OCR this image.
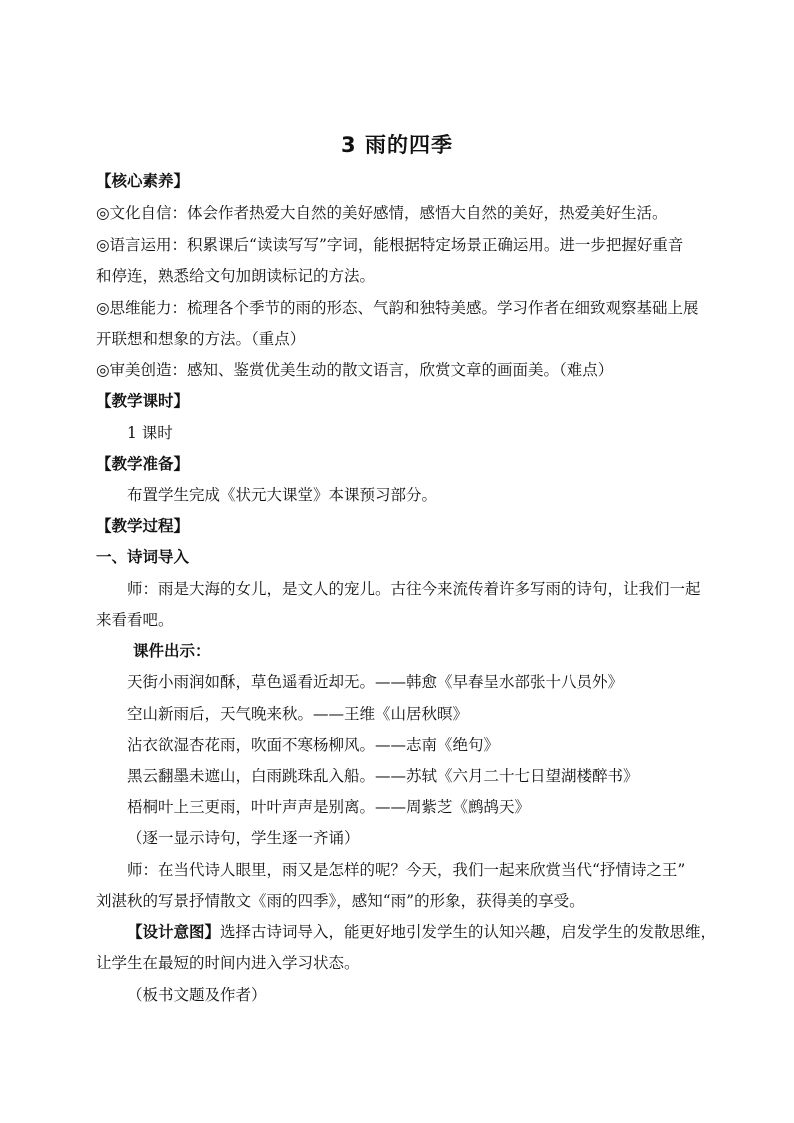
3 雨的四季
【核心素养】
◎文化自信：体会作者热爱大自然的美好感情，感悟大自然的美好，热爱美好生活。
◎语言运用：积累课后“读读写写”字词，能根据特定场景正确运用。进一步把握好重音
和停连，熟悉给文句加朗读标记的方法。
◎思维能力：梳理各个季节的雨的形态、气韵和独特美感。学习作者在细致观察基础上展
开联想和想象的方法。（重点）
◎审美创造：感知、鉴赏优美生动的散文语言，欣赏文章的画面美。（难点）
【教学课时】
1 课时
【教学准备】
布置学生完成《状元大课堂》本课预习部分。
【教学过程】
一、诗词导入
师：雨是大海的女儿，是文人的宠儿。古往今来流传着许多写雨的诗句，让我们一起
来看看吧。
课件出示：
天街小雨润如酥，草色遥看近却无。——韩愈《早春呈水部张十八员外》
空山新雨后，天气晚来秋。——王维《山居秋暝》
沾衣欲湿杏花雨，吹面不寒杨柳风。——志南《绝句》
黑云翻墨未遮山，白雨跳珠乱入船。——苏轼《六月二十七日望湖楼醉书》
梧桐叶上三更雨，叶叶声声是别离。——周紫芝《鹧鸪天》
（逐一显示诗句，学生逐一齐诵）
师：在当代诗人眼里，雨又是怎样的呢？今天，我们一起来欣赏当代“抒情诗之王”
刘湛秋的写景抒情散文《雨的四季》，感知“雨”的形象，获得美的享受。
【设计意图】选择古诗词导入，能更好地引发学生的认知兴趣，启发学生的发散思维，
让学生在最短的时间内进入学习状态。
（板书文题及作者）
